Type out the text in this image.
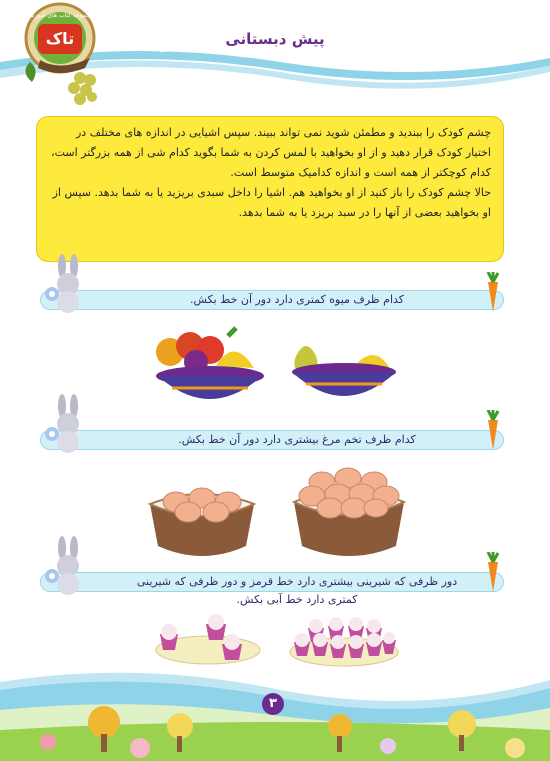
مجموعه کتاب های آموزشی
تاک	پیش دبستانی

چشم کودک را ببندید و مطمئن شوید نمی تواند ببیند. سپس اشیایی در اندازه های مختلف در اختیار کودک قرار دهید و از او بخواهید با لمس کردن به شما بگوید کدام شی از همه بزرگتر است، کدام کوچکتر از همه است و اندازه کدامیک متوسط است.

حالا چشم کودک را باز کنید از او بخواهید هم. اشیا را داخل سبدی بریزید یا به شما بدهد. سپس از او بخواهید بعضی از آنها را در سبد بریزد یا به شما بدهد.

کدام ظرف میوه کمتری دارد دور آن خط بکش.
کدام ظرف تخم مرغ بیشتری دارد دور آن خط بکش.
دور ظرفی که شیرینی بیشتری دارد خط قرمز و دور ظرفی که شیرینی کمتری دارد خط آبی بکش.
۳
